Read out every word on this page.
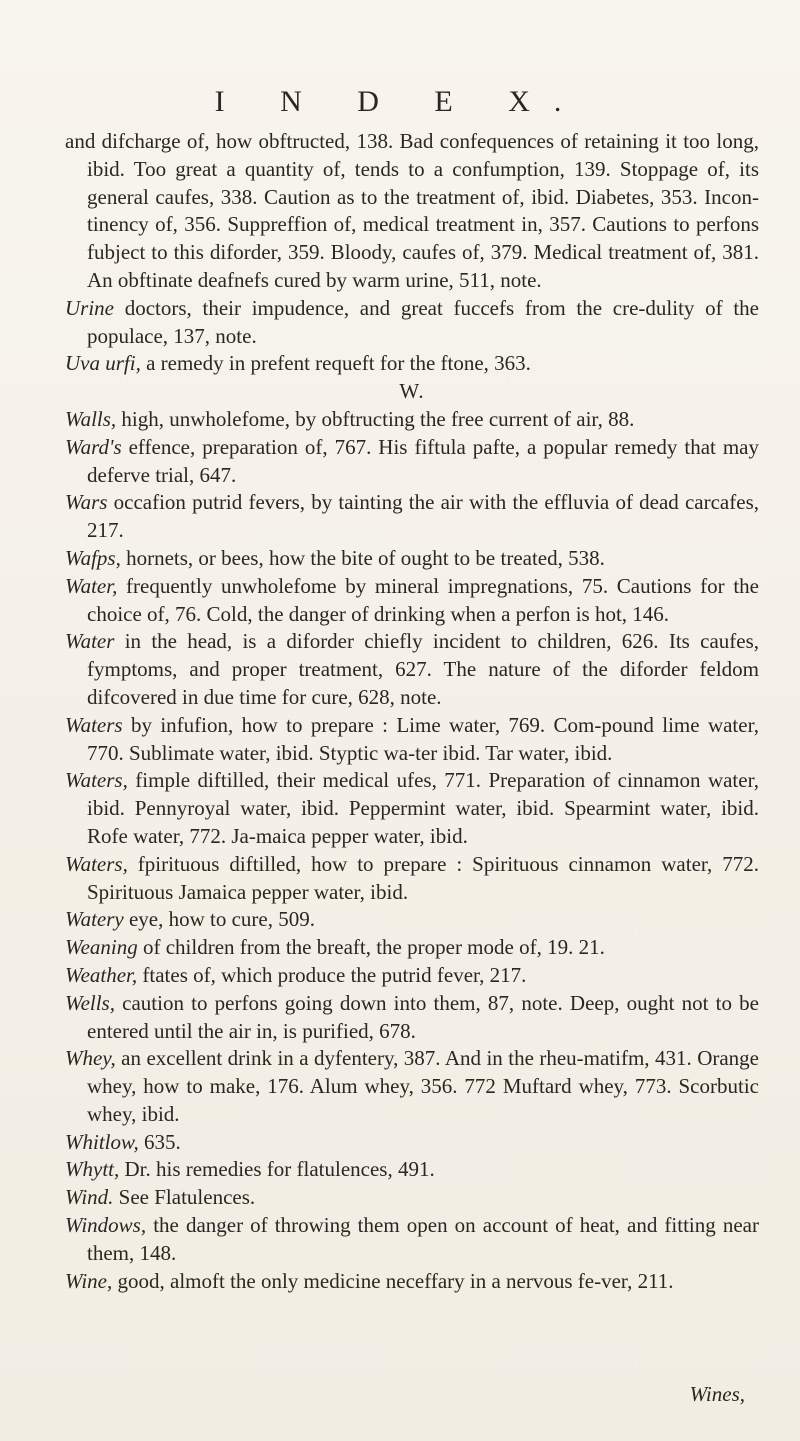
I N D E X.

and difcharge of, how obftructed, 138. Bad confequences of retaining it too long, ibid. Too great a quantity of, tends to a confumption, 139. Stoppage of, its general caufes, 338. Caution as to the treatment of, ibid. Diabetes, 353. Incon-tinency of, 356. Suppreffion of, medical treatment in, 357. Cautions to perfons fubject to this diforder, 359. Bloody, caufes of, 379. Medical treatment of, 381. An obftinate deafnefs cured by warm urine, 511, note.

Urine doctors, their impudence, and great fuccefs from the cre-dulity of the populace, 137, note.

Uva urfi, a remedy in prefent requeft for the ftone, 363.

W.

Walls, high, unwholefome, by obftructing the free current of air, 88.

Ward's effence, preparation of, 767. His fiftula pafte, a popular remedy that may deferve trial, 647.

Wars occafion putrid fevers, by tainting the air with the effluvia of dead carcafes, 217.

Wafps, hornets, or bees, how the bite of ought to be treated, 538.

Water, frequently unwholefome by mineral impregnations, 75. Cautions for the choice of, 76. Cold, the danger of drinking when a perfon is hot, 146.

Water in the head, is a diforder chiefly incident to children, 626. Its caufes, fymptoms, and proper treatment, 627. The nature of the diforder feldom difcovered in due time for cure, 628, note.

Waters by infufion, how to prepare : Lime water, 769. Com-pound lime water, 770. Sublimate water, ibid. Styptic wa-ter ibid. Tar water, ibid.

Waters, fimple diftilled, their medical ufes, 771. Preparation of cinnamon water, ibid. Pennyroyal water, ibid. Peppermint water, ibid. Spearmint water, ibid. Rofe water, 772. Ja-maica pepper water, ibid.

Waters, fpirituous diftilled, how to prepare : Spirituous cinnamon water, 772. Spirituous Jamaica pepper water, ibid.

Watery eye, how to cure, 509.

Weaning of children from the breaft, the proper mode of, 19. 21.

Weather, ftates of, which produce the putrid fever, 217.

Wells, caution to perfons going down into them, 87, note. Deep, ought not to be entered until the air in, is purified, 678.

Whey, an excellent drink in a dyfentery, 387. And in the rheu-matifm, 431. Orange whey, how to make, 176. Alum whey, 356. 772 Muftard whey, 773. Scorbutic whey, ibid.

Whitlow, 635.

Whytt, Dr. his remedies for flatulences, 491.

Wind. See Flatulences.

Windows, the danger of throwing them open on account of heat, and fitting near them, 148.

Wine, good, almoft the only medicine neceffary in a nervous fe-ver, 211.

Wines,
